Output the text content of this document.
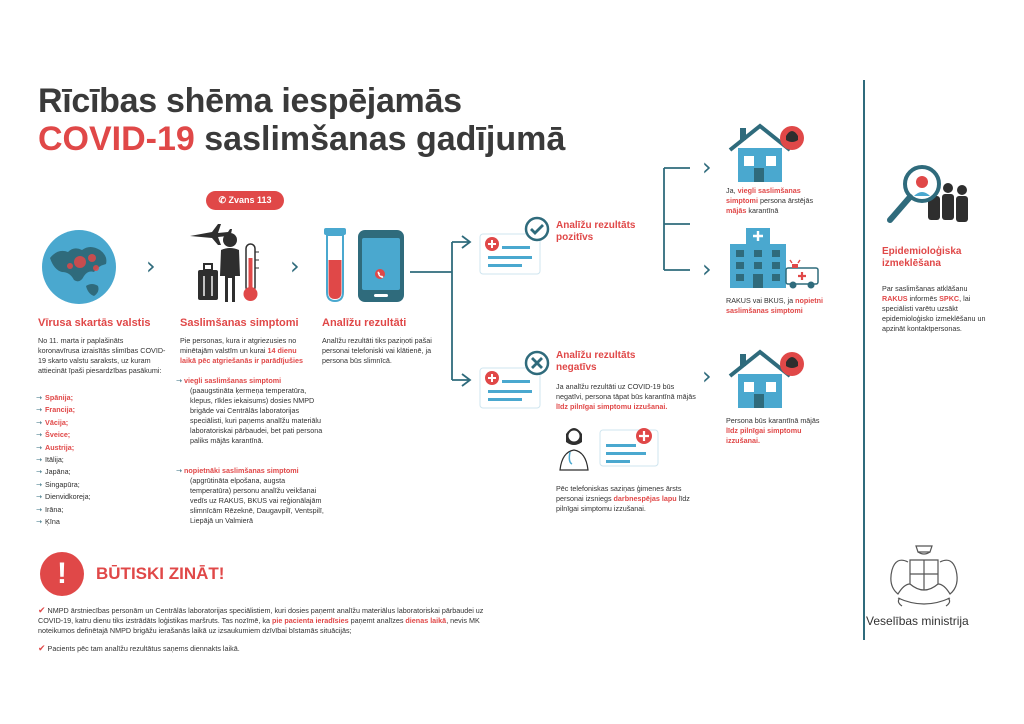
Rīcības shēma iespējamās
COVID-19 saslimšanas gadījumā
›
Vīrusa skartās valstis
No 11. marta ir paplašināts koronavīrusa izraisītās slimības COVID-19 skarto valstu saraksts, uz kuram attiecināt īpaši piesardzības pasākumi:
→ Spānija;
→ Francija;
→ Vācija;
→ Šveice;
→ Austrija;
→ Itālija;
→ Japāna;
→ Singapūra;
→ Dienvidkoreja;
→ Irāna;
→ Ķīna
✆ Zvans 113
›
Saslimšanas simptomi
Pie personas, kura ir atgriezusies no minētajām valstīm un kurai 14 dienu laikā pēc atgriešanās ir parādījušies
→ viegli saslimšanas simptomi
(paaugstināta ķermeņa temperatūra, klepus, rīkles iekaisums) dosies NMPD brigāde vai Centrālās laboratorijas speciālisti, kuri paņems analīžu materiālu laboratoriskai pārbaudei, bet pati persona paliks mājās karantīnā.
→ nopietnāki saslimšanas simptomi
(apgrūtināta elpošana, augsta temperatūra) personu analīžu veikšanai vedīs uz RAKUS, BKUS vai reģionālajām slimnīcām Rēzeknē, Daugavpilī, Ventspilī, Liepājā un Valmierā
Analīžu rezultāti
Analīžu rezultāti tiks paziņoti pašai personai telefoniski vai klātienē, ja persona būs slimnīcā.
›
›
›
Analīžu rezultāts
pozitīvs
Analīžu rezultāts
negatīvs
Ja analīžu rezultāti uz COVID-19 būs negatīvi, persona tāpat būs karantīnā mājās līdz pilnīgai simptomu izzušanai.
Pēc telefoniskas saziņas ģimenes ārsts personai izsniegs darbnespējas lapu līdz pilnīgai simptomu izzušanai.
Ja, viegli saslimšanas simptomi persona ārstējās mājās karantīnā
RAKUS vai BKUS, ja nopietni saslimšanas simptomi
Persona būs karantīnā mājās līdz pilnīgai simptomu izzušanai.
Epidemioloģiska izmeklēšana
Par saslimšanas atklāšanu RAKUS informēs SPKC, lai speciālisti varētu uzsākt epidemioloģisko izmeklēšanu un apzināt kontaktpersonas.
!	BŪTISKI ZINĀT!
✔ NMPD ārstniecības personām un Centrālās laboratorijas speciālistiem, kuri dosies paņemt analīžu materiālus laboratoriskai pārbaudei uz COVID-19, katru dienu tiks izstrādāts loģistikas maršruts. Tas nozīmē, ka pie pacienta ieradīsies paņemt analīzes dienas laikā, nevis MK noteikumos definētajā NMPD brigāžu ierašanās laikā uz izsaukumiem dzīvībai bīstamās situācijās;
✔ Pacients pēc tam analīžu rezultātus saņems diennakts laikā.
Veselības ministrija
